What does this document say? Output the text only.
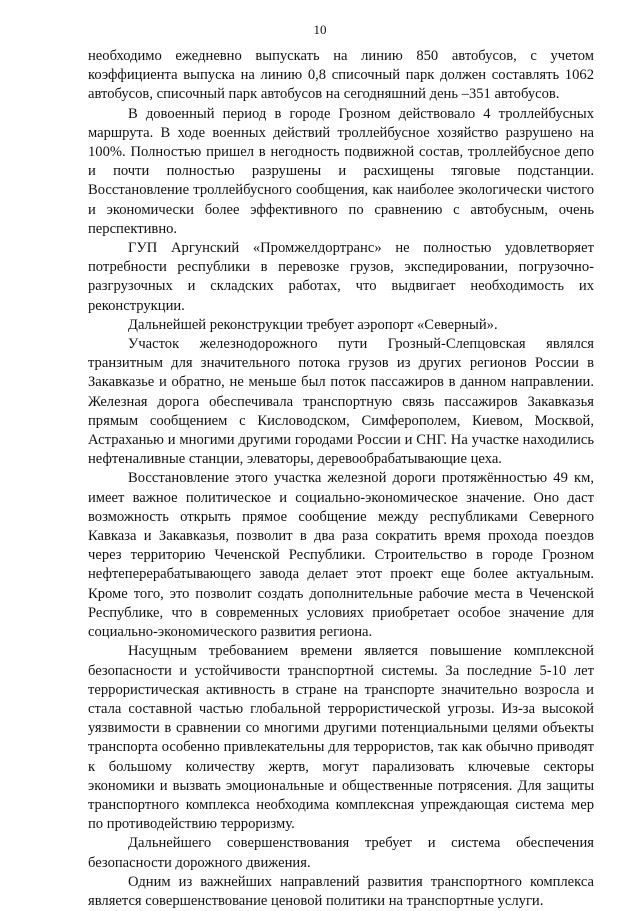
10

необходимо ежедневно выпускать на линию 850 автобусов, с учетом коэффициента выпуска на линию 0,8 списочный парк должен составлять 1062 автобусов, списочный парк автобусов на сегодняшний день –351 автобусов.

В довоенный период в городе Грозном действовало 4 троллейбусных маршрута. В ходе военных действий троллейбусное хозяйство разрушено на 100%. Полностью пришел в негодность подвижной состав, троллейбусное депо и почти полностью разрушены и расхищены тяговые подстанции. Восстановление троллейбусного сообщения, как наиболее экологически чистого и экономически более эффективного по сравнению с автобусным, очень перспективно.

ГУП Аргунский «Промжелдортранс» не полностью удовлетворяет потребности республики в перевозке грузов, экспедировании, погрузочно-разгрузочных и складских работах, что выдвигает необходимость их реконструкции.

Дальнейшей реконструкции требует аэропорт «Северный».

Участок железнодорожного пути Грозный-Слепцовская являлся транзитным для значительного потока грузов из других регионов России в Закавказье и обратно, не меньше был поток пассажиров в данном направлении. Железная дорога обеспечивала транспортную связь пассажиров Закавказья прямым сообщением с Кисловодском, Симферополем, Киевом, Москвой, Астраханью и многими другими городами России и СНГ. На участке находились нефтеналивные станции, элеваторы, деревообрабатывающие цеха.

Восстановление этого участка железной дороги протяжённостью 49 км, имеет важное политическое и социально-экономическое значение. Оно даст возможность открыть прямое сообщение между республиками Северного Кавказа и Закавказья, позволит в два раза сократить время прохода поездов через территорию Чеченской Республики. Строительство в городе Грозном нефтеперерабатывающего завода делает этот проект еще более актуальным. Кроме того, это позволит создать дополнительные рабочие места в Чеченской Республике, что в современных условиях приобретает особое значение для социально-экономического развития региона.

Насущным требованием времени является повышение комплексной безопасности и устойчивости транспортной системы. За последние 5-10 лет террористическая активность в стране на транспорте значительно возросла и стала составной частью глобальной террористической угрозы. Из-за высокой уязвимости в сравнении со многими другими потенциальными целями объекты транспорта особенно привлекательны для террористов, так как обычно приводят к большому количеству жертв, могут парализовать ключевые секторы экономики и вызвать эмоциональные и общественные потрясения. Для защиты транспортного комплекса необходима комплексная упреждающая система мер по противодействию терроризму.

Дальнейшего совершенствования требует и система обеспечения безопасности дорожного движения.

Одним из важнейших направлений развития транспортного комплекса является совершенствование ценовой политики на транспортные услуги.
